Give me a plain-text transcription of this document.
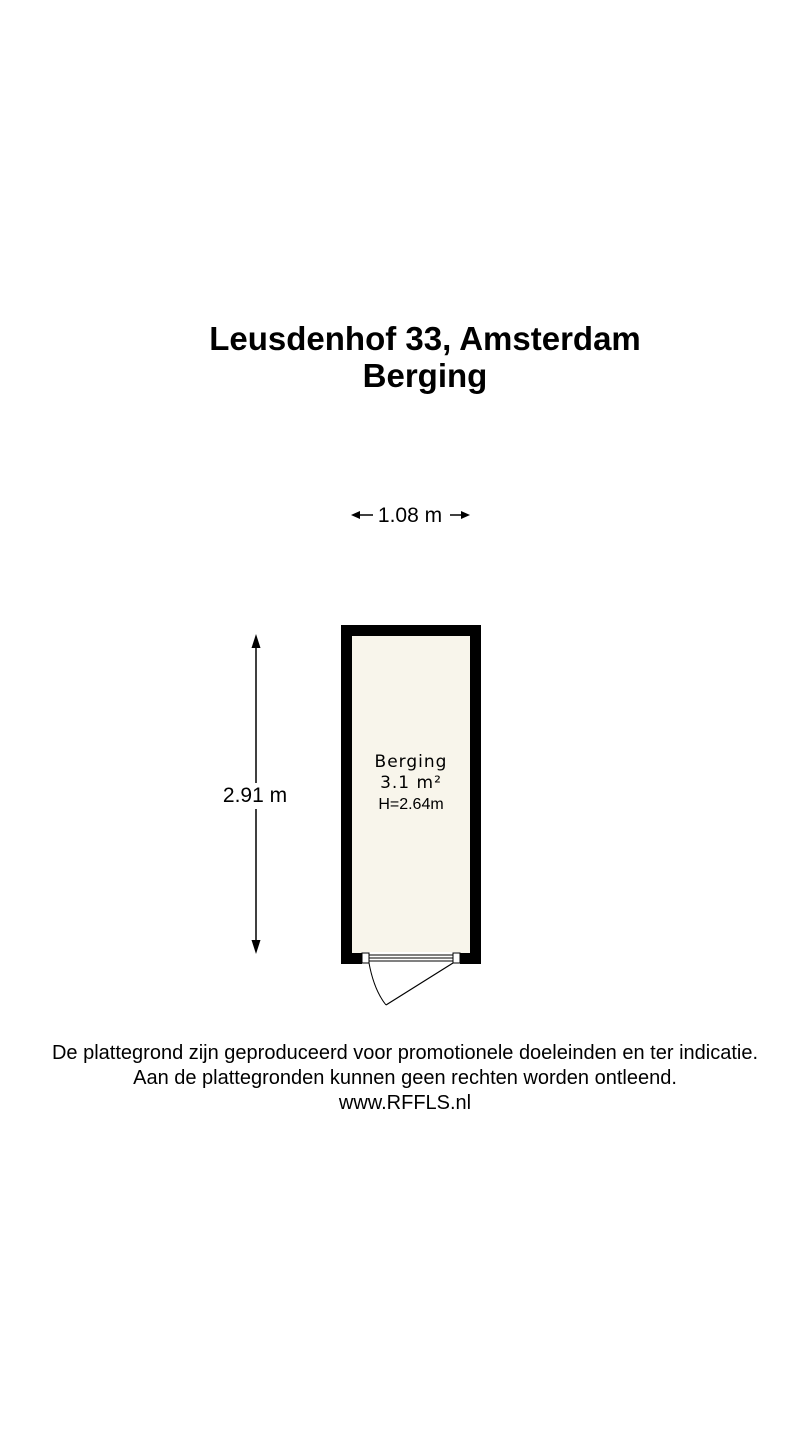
Leusdenhof 33, Amsterdam
Berging
1.08 m
2.91 m
Berging
3.1 m²
H=2.64m
De plattegrond zijn geproduceerd voor promotionele doeleinden en ter indicatie.
Aan de plattegronden kunnen geen rechten worden ontleend.
www.RFFLS.nl
